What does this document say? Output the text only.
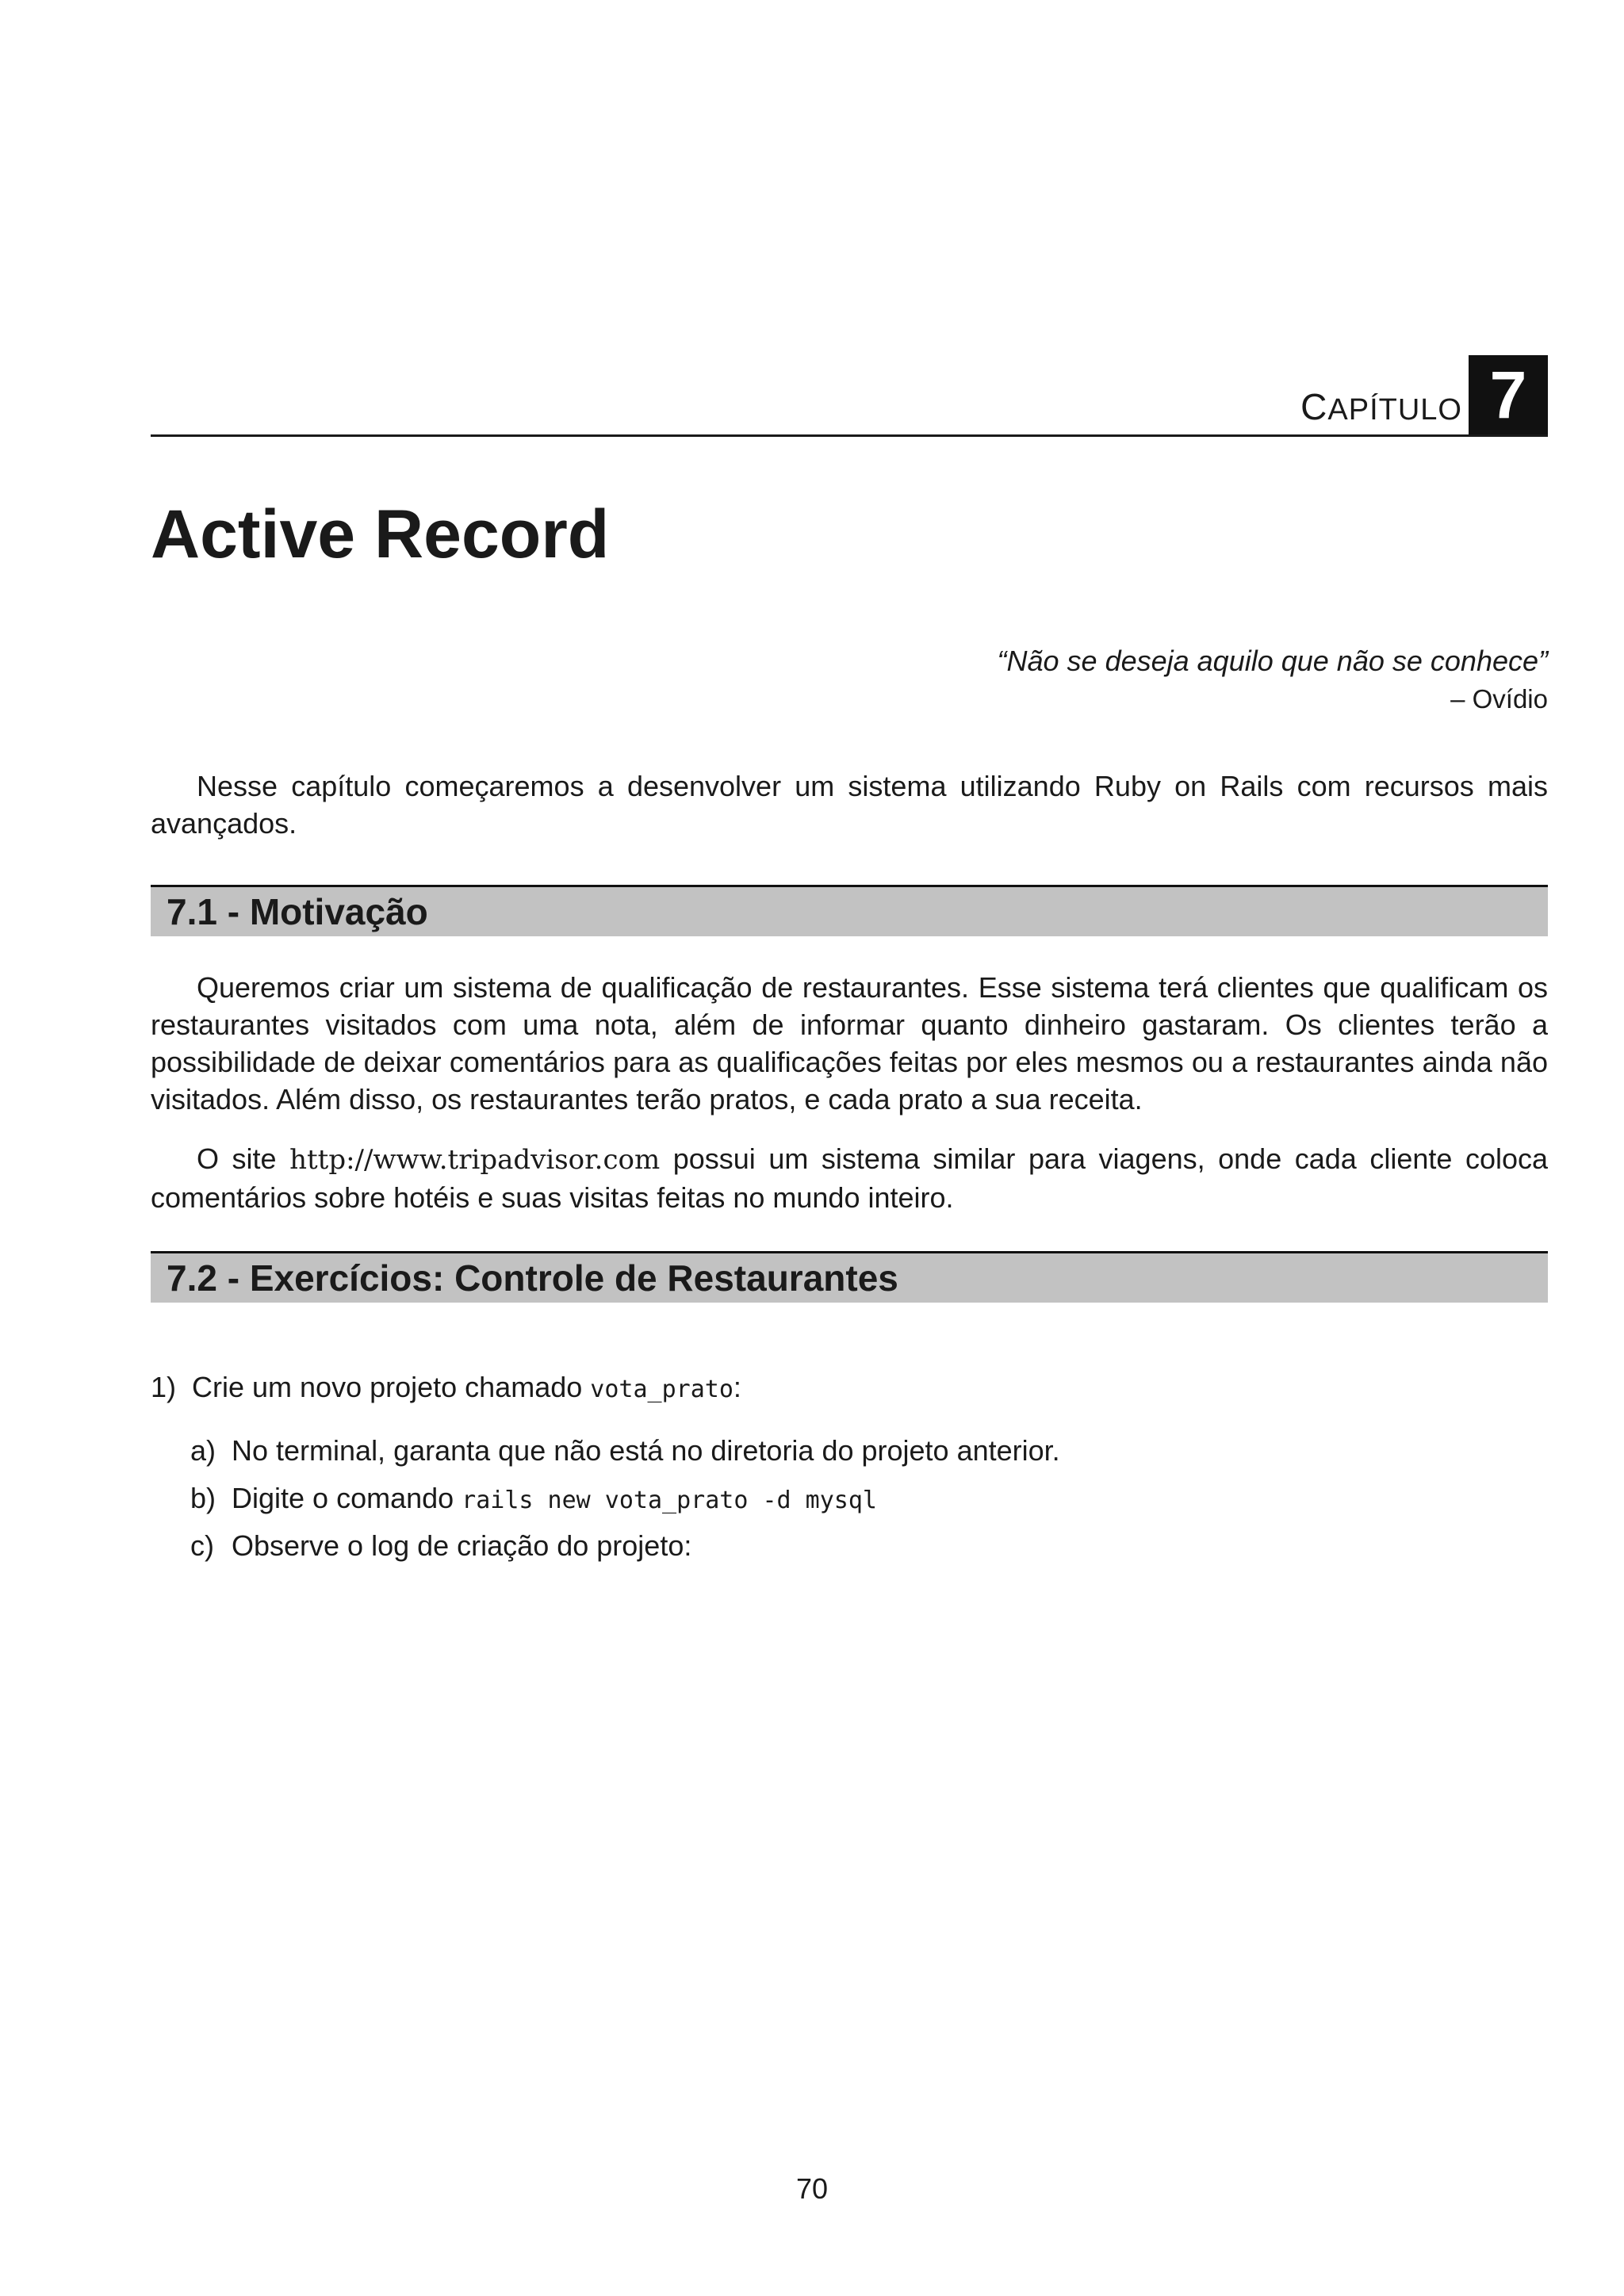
CAPÍTULO 7
Active Record
“Não se deseja aquilo que não se conhece”
– Ovídio

Nesse capítulo começaremos a desenvolver um sistema utilizando Ruby on Rails com recursos mais avançados.

7.1 - Motivação

Queremos criar um sistema de qualificação de restaurantes. Esse sistema terá clientes que qualificam os restaurantes visitados com uma nota, além de informar quanto dinheiro gastaram. Os clientes terão a possibilidade de deixar comentários para as qualificações feitas por eles mesmos ou a restaurantes ainda não visitados. Além disso, os restaurantes terão pratos, e cada prato a sua receita.

O site http://www.tripadvisor.com possui um sistema similar para viagens, onde cada cliente coloca comentários sobre hotéis e suas visitas feitas no mundo inteiro.

7.2 - Exercícios: Controle de Restaurantes
1) Crie um novo projeto chamado vota_prato:
a) No terminal, garanta que não está no diretoria do projeto anterior.
b) Digite o comando rails new vota_prato -d mysql
c) Observe o log de criação do projeto:
70
